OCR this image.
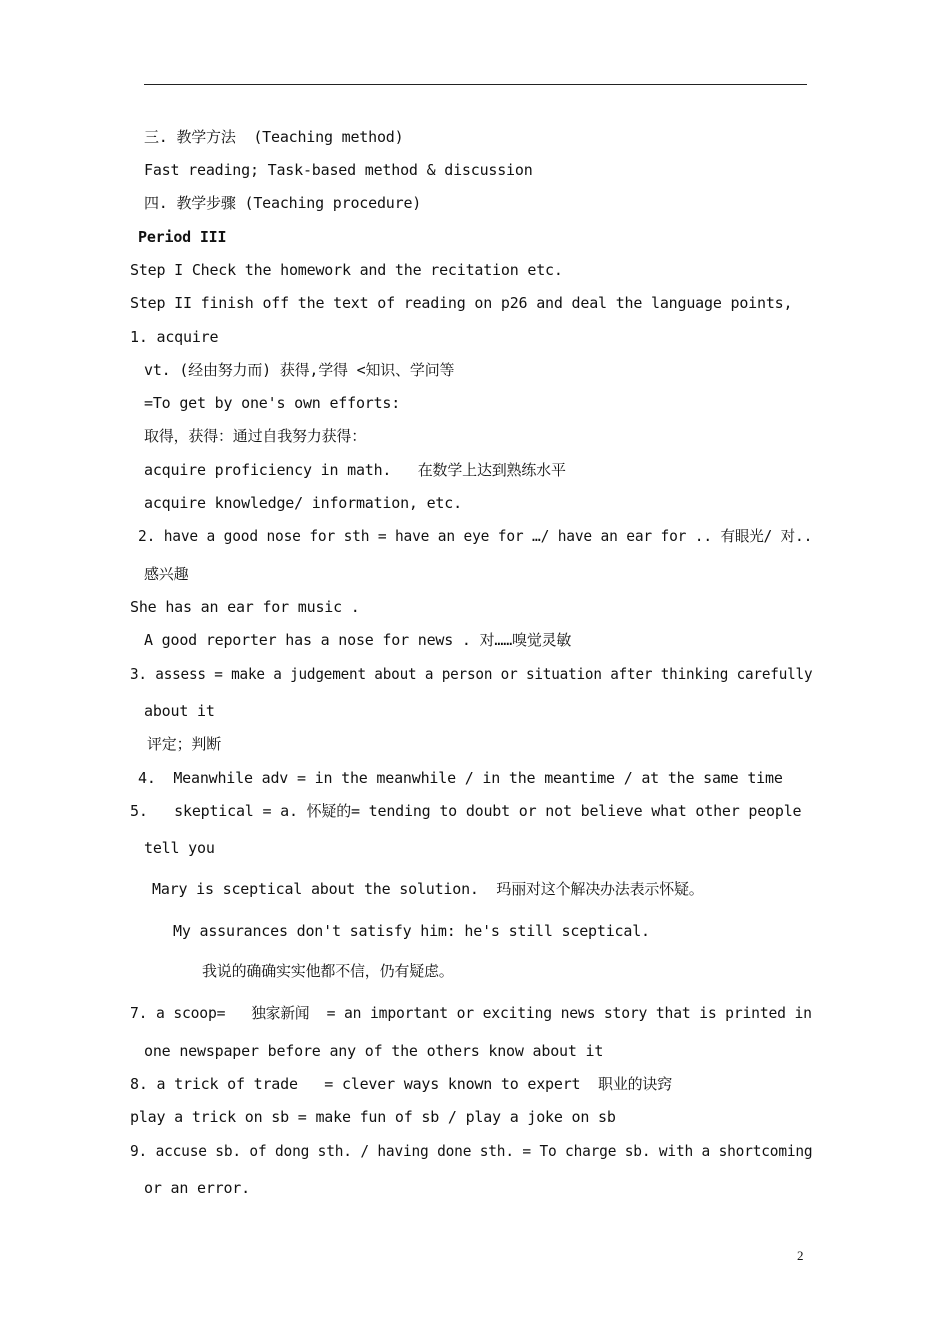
三. 教学方法  (Teaching method)
Fast reading; Task-based method & discussion
四. 教学步骤 (Teaching procedure)
Period III
Step I Check the homework and the recitation etc.
Step II finish off the text of reading on p26 and deal the language points,
1. acquire
vt. (经由努力而) 获得,学得 <知识、学问等
=To get by one's own efforts:
取得，获得：通过自我努力获得：
acquire proficiency in math.   在数学上达到熟练水平
acquire knowledge/ information, etc.
2. have a good nose for sth = have an eye for …/ have an ear for .. 有眼光/ 对..
感兴趣
She has an ear for music .
A good reporter has a nose for news . 对……嗅觉灵敏
3. assess = make a judgement about a person or situation after thinking carefully
about it
评定；判断
4.  Meanwhile adv = in the meanwhile / in the meantime / at the same time
5.   skeptical = a. 怀疑的= tending to doubt or not believe what other people
tell you
Mary is sceptical about the solution.  玛丽对这个解决办法表示怀疑。
My assurances don't satisfy him: he's still sceptical.
我说的确确实实他都不信，仍有疑虑。
7. a scoop=   独家新闻  = an important or exciting news story that is printed in
one newspaper before any of the others know about it
8. a trick of trade   = clever ways known to expert  职业的诀窍
play a trick on sb = make fun of sb / play a joke on sb
9. accuse sb. of dong sth. / having done sth. = To charge sb. with a shortcoming
or an error.
2
